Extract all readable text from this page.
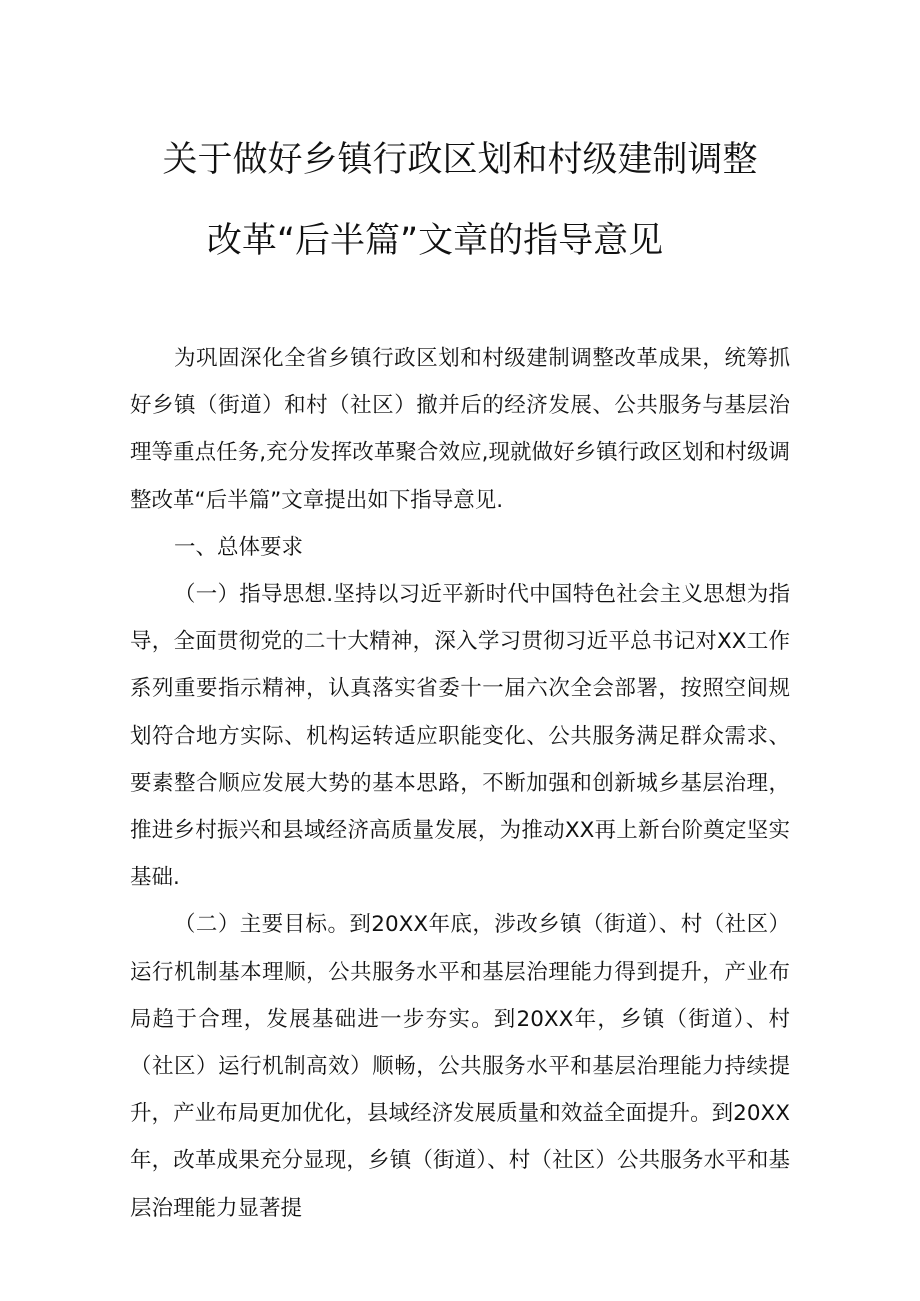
关于做好乡镇行政区划和村级建制调整
改革“后半篇”文章的指导意见

为巩固深化全省乡镇行政区划和村级建制调整改革成果，统筹抓好乡镇（街道）和村（社区）撤并后的经济发展、公共服务与基层治理等重点任务,充分发挥改革聚合效应,现就做好乡镇行政区划和村级调整改革“后半篇”文章提出如下指导意见.

一、总体要求

（一）指导思想.坚持以习近平新时代中国特色社会主义思想为指导，全面贯彻党的二十大精神，深入学习贯彻习近平总书记对XX工作系列重要指示精神，认真落实省委十一届六次全会部署，按照空间规划符合地方实际、机构运转适应职能变化、公共服务满足群众需求、要素整合顺应发展大势的基本思路，不断加强和创新城乡基层治理，推进乡村振兴和县域经济高质量发展，为推动XX再上新台阶奠定坚实基础.

（二）主要目标。到20XX年底，涉改乡镇（街道）、村（社区）运行机制基本理顺，公共服务水平和基层治理能力得到提升，产业布局趋于合理，发展基础进一步夯实。到20XX年，乡镇（街道）、村（社区）运行机制高效）顺畅，公共服务水平和基层治理能力持续提升，产业布局更加优化，县域经济发展质量和效益全面提升。到20XX年，改革成果充分显现，乡镇（街道）、村（社区）公共服务水平和基层治理能力显著提
